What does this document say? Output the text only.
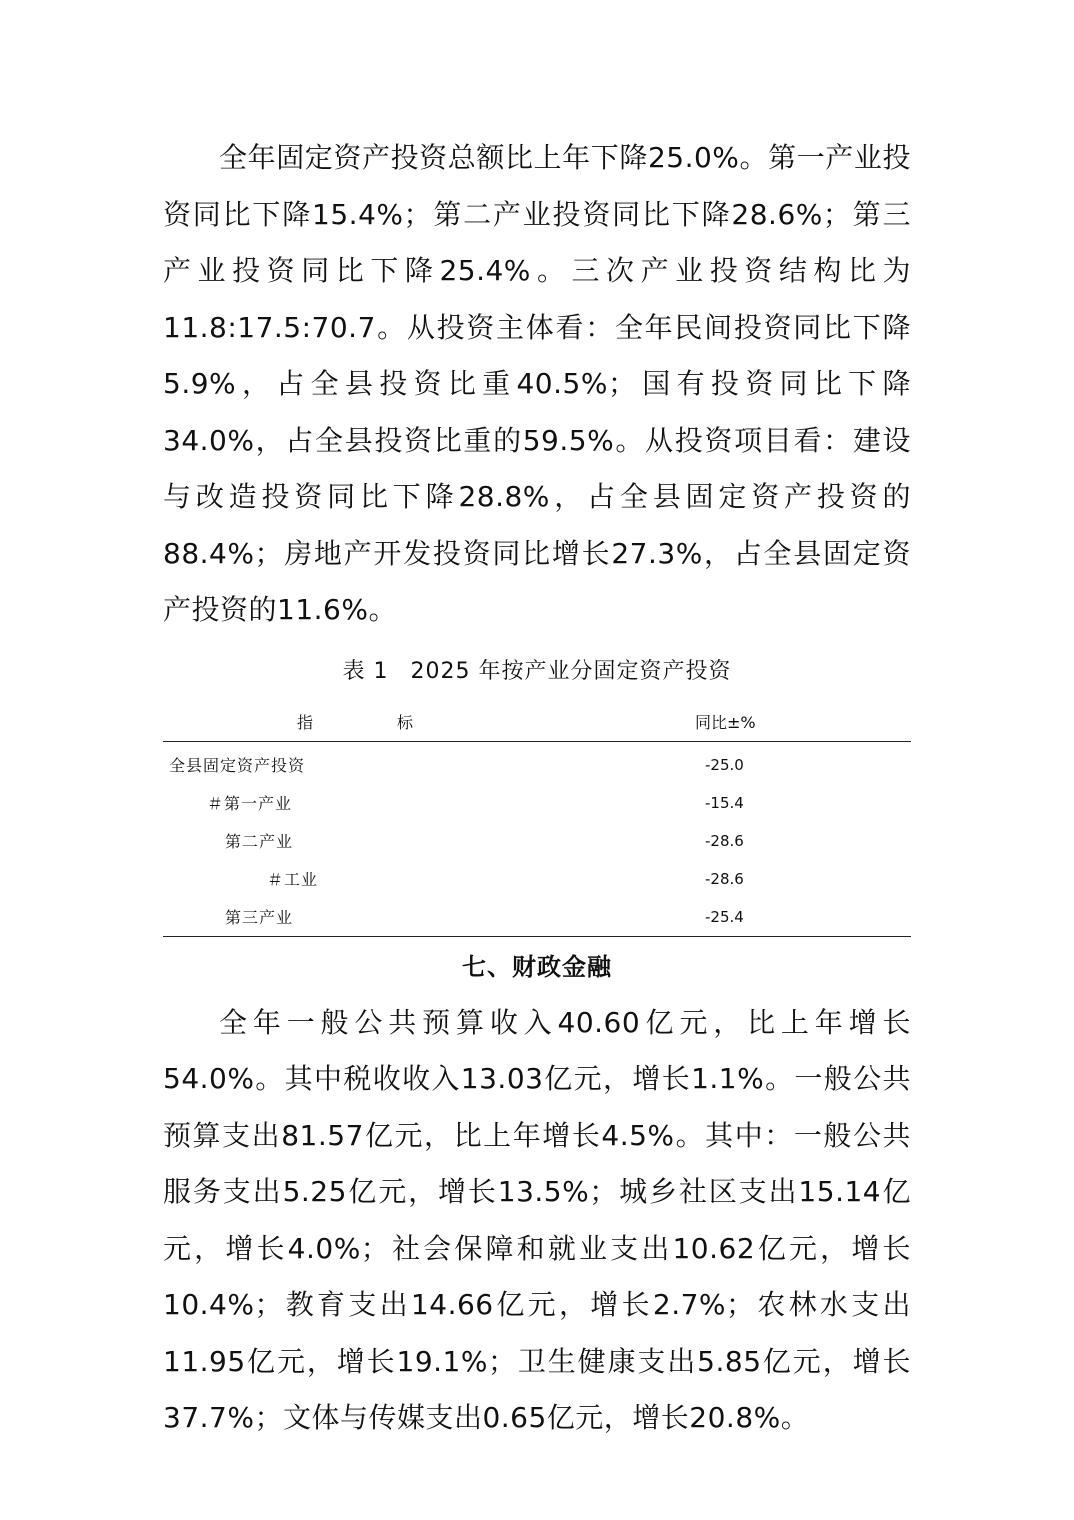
全年固定资产投资总额比上年下降25.0%。第一产业投资同比下降15.4%；第二产业投资同比下降28.6%；第三产业投资同比下降25.4%。三次产业投资结构比为11.8:17.5:70.7。从投资主体看：全年民间投资同比下降5.9%，占全县投资比重40.5%；国有投资同比下降34.0%，占全县投资比重的59.5%。从投资项目看：建设与改造投资同比下降28.8%，占全县固定资产投资的88.4%；房地产开发投资同比增长27.3%，占全县固定资产投资的11.6%。

表 1 2025 年按产业分固定资产投资
指 标	同比±%
全县固定资产投资	-25.0
＃第一产业	-15.4
第二产业	-28.6
＃工业	-28.6
第三产业	-25.4
七、财政金融

全年一般公共预算收入40.60亿元，比上年增长54.0%。其中税收收入13.03亿元，增长1.1%。一般公共预算支出81.57亿元，比上年增长4.5%。其中：一般公共服务支出5.25亿元，增长13.5%；城乡社区支出15.14亿元，增长4.0%；社会保障和就业支出10.62亿元，增长10.4%；教育支出14.66亿元，增长2.7%；农林水支出11.95亿元，增长19.1%；卫生健康支出5.85亿元，增长37.7%；文体与传媒支出0.65亿元，增长20.8%。
